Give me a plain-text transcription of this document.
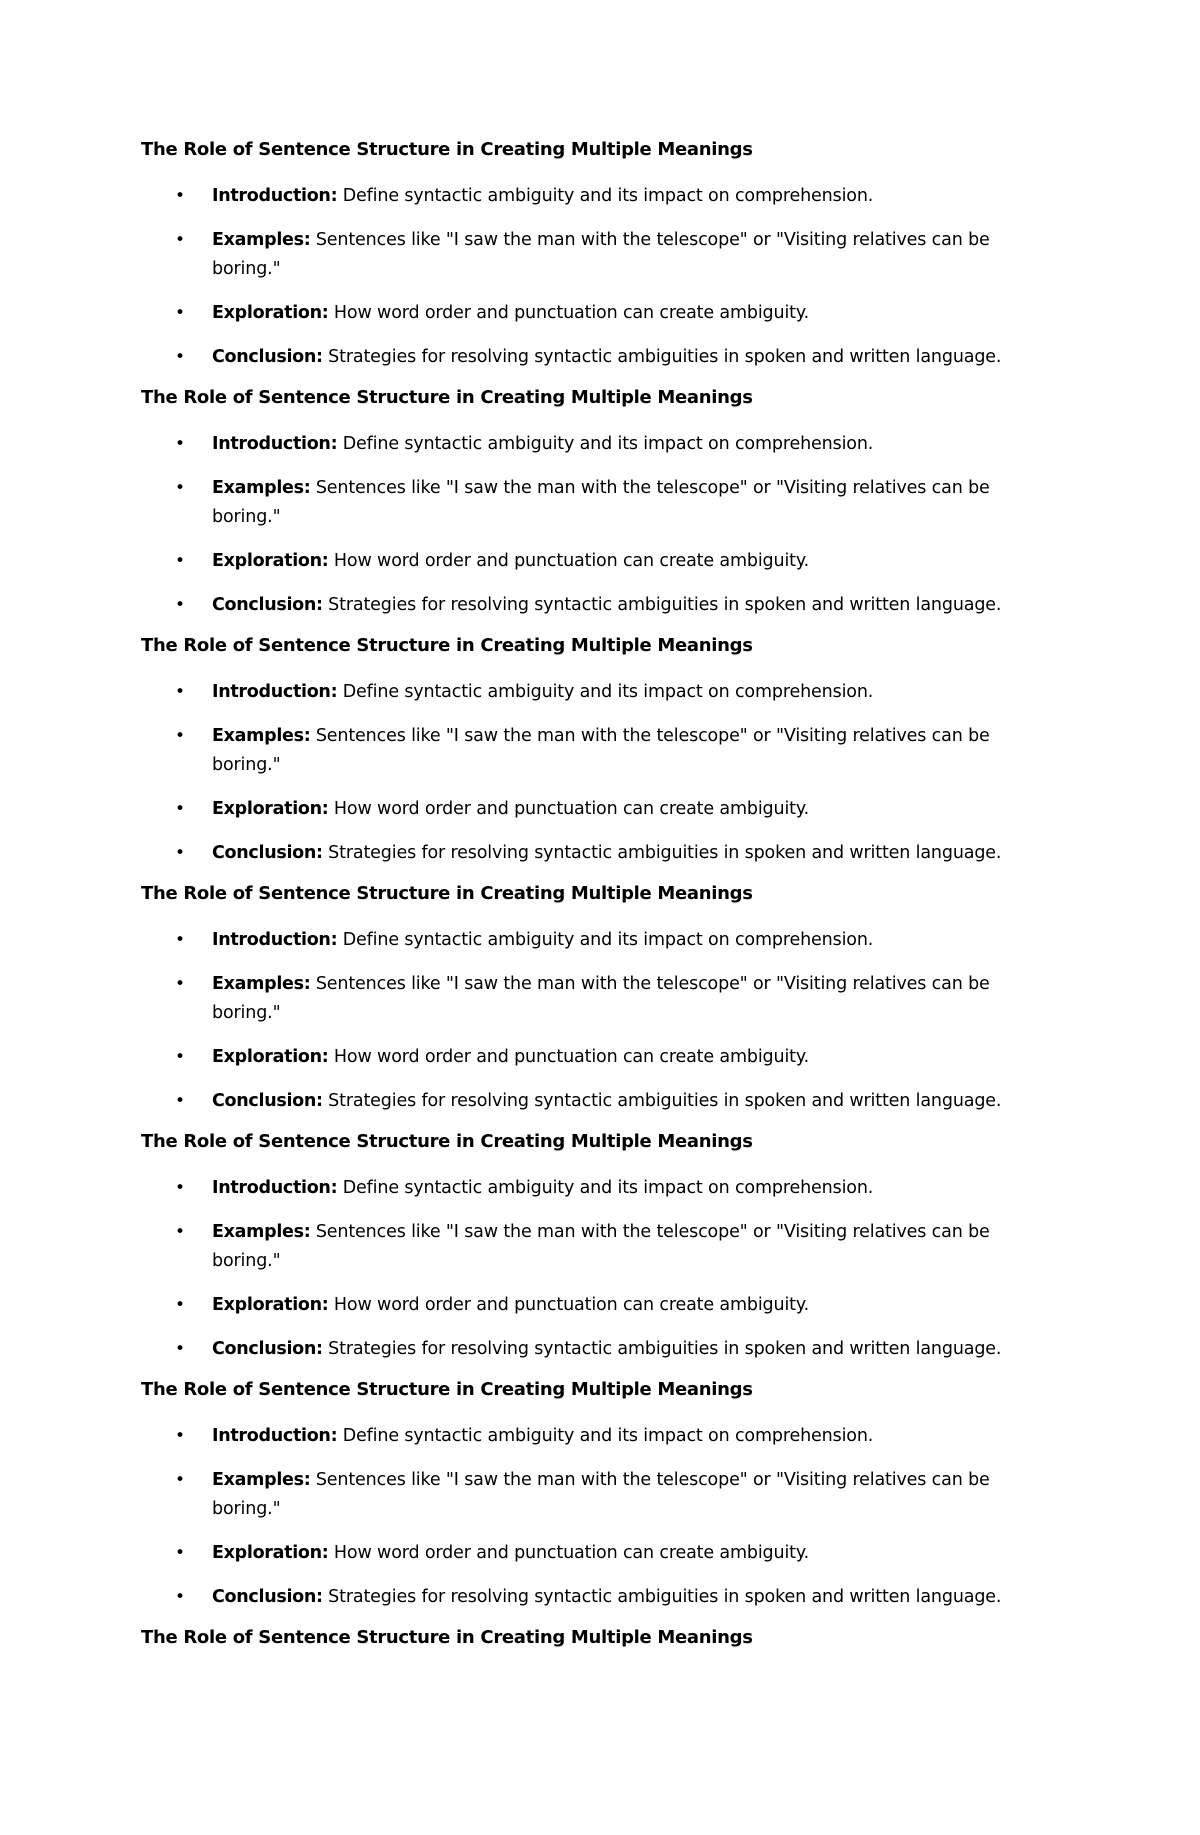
The Role of Sentence Structure in Creating Multiple Meanings
• Introduction: Define syntactic ambiguity and its impact on comprehension.
• Examples: Sentences like "I saw the man with the telescope" or "Visiting relatives can be boring."
• Exploration: How word order and punctuation can create ambiguity.
• Conclusion: Strategies for resolving syntactic ambiguities in spoken and written language.
The Role of Sentence Structure in Creating Multiple Meanings
• Introduction: Define syntactic ambiguity and its impact on comprehension.
• Examples: Sentences like "I saw the man with the telescope" or "Visiting relatives can be boring."
• Exploration: How word order and punctuation can create ambiguity.
• Conclusion: Strategies for resolving syntactic ambiguities in spoken and written language.
The Role of Sentence Structure in Creating Multiple Meanings
• Introduction: Define syntactic ambiguity and its impact on comprehension.
• Examples: Sentences like "I saw the man with the telescope" or "Visiting relatives can be boring."
• Exploration: How word order and punctuation can create ambiguity.
• Conclusion: Strategies for resolving syntactic ambiguities in spoken and written language.
The Role of Sentence Structure in Creating Multiple Meanings
• Introduction: Define syntactic ambiguity and its impact on comprehension.
• Examples: Sentences like "I saw the man with the telescope" or "Visiting relatives can be boring."
• Exploration: How word order and punctuation can create ambiguity.
• Conclusion: Strategies for resolving syntactic ambiguities in spoken and written language.
The Role of Sentence Structure in Creating Multiple Meanings
• Introduction: Define syntactic ambiguity and its impact on comprehension.
• Examples: Sentences like "I saw the man with the telescope" or "Visiting relatives can be boring."
• Exploration: How word order and punctuation can create ambiguity.
• Conclusion: Strategies for resolving syntactic ambiguities in spoken and written language.
The Role of Sentence Structure in Creating Multiple Meanings
• Introduction: Define syntactic ambiguity and its impact on comprehension.
• Examples: Sentences like "I saw the man with the telescope" or "Visiting relatives can be boring."
• Exploration: How word order and punctuation can create ambiguity.
• Conclusion: Strategies for resolving syntactic ambiguities in spoken and written language.
The Role of Sentence Structure in Creating Multiple Meanings
